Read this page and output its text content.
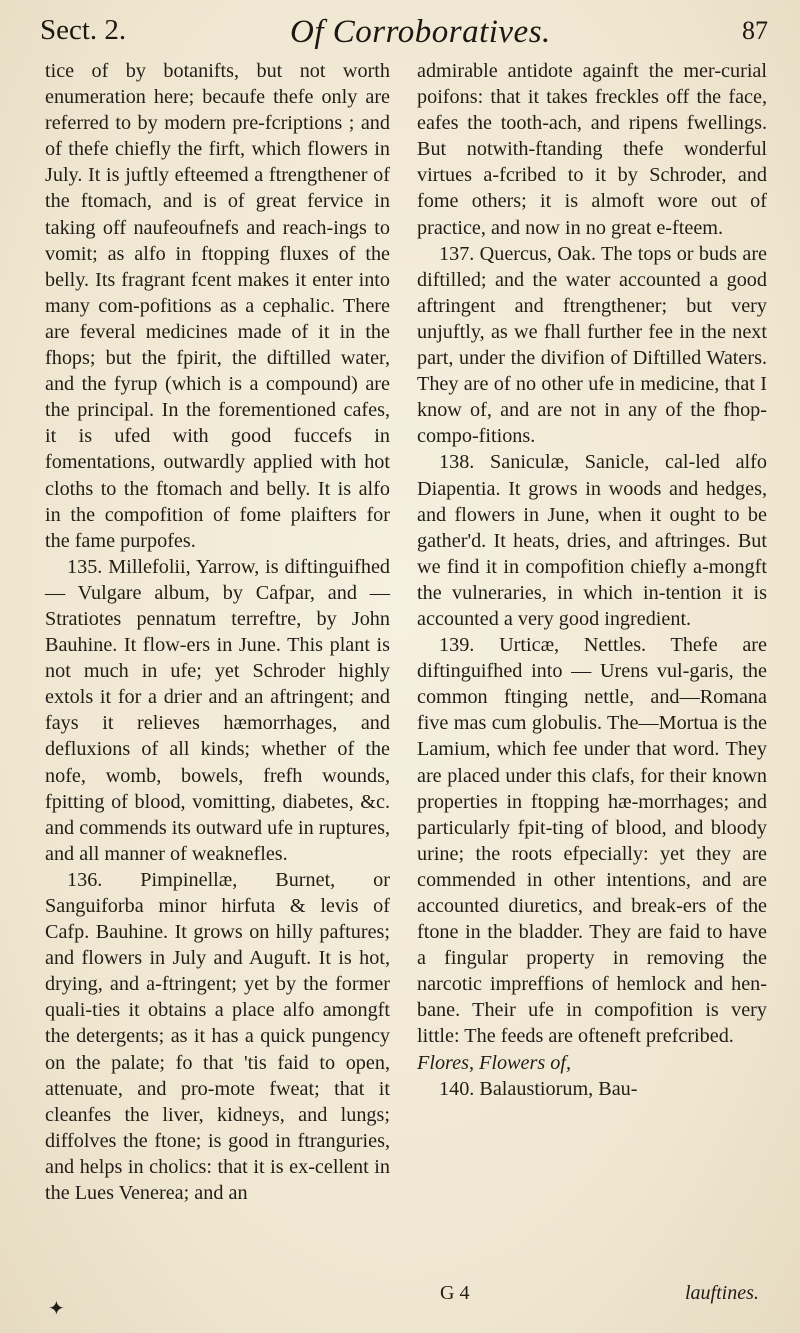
Sect. 2.	Of Corroboratives.	87

tice of by botanifts, but not worth enumeration here; becaufe thefe only are referred to by modern pre-fcriptions ; and of thefe chiefly the firft, which flowers in July. It is juftly efteemed a ftrengthener of the ftomach, and is of great fervice in taking off naufeoufnefs and reach-ings to vomit; as alfo in ftopping fluxes of the belly. Its fragrant fcent makes it enter into many com-pofitions as a cephalic. There are feveral medicines made of it in the fhops; but the fpirit, the diftilled water, and the fyrup (which is a compound) are the principal. In the forementioned cafes, it is ufed with good fuccefs in fomentations, outwardly applied with hot cloths to the ftomach and belly. It is alfo in the compofition of fome plaifters for the fame purpofes.

135. Millefolii, Yarrow, is diftinguifhed — Vulgare album, by Cafpar, and — Stratiotes pennatum terreftre, by John Bauhine. It flow-ers in June. This plant is not much in ufe; yet Schroder highly extols it for a drier and an aftringent; and fays it relieves hæmorrhages, and defluxions of all kinds; whether of the nofe, womb, bowels, frefh wounds, fpitting of blood, vomitting, diabetes, &c. and commends its outward ufe in ruptures, and all manner of weaknefles.

136. Pimpinellæ, Burnet, or Sanguiforba minor hirfuta & levis of Cafp. Bauhine. It grows on hilly paftures; and flowers in July and Auguft. It is hot, drying, and a-ftringent; yet by the former quali-ties it obtains a place alfo amongft the detergents; as it has a quick pungency on the palate; fo that 'tis faid to open, attenuate, and pro-mote fweat; that it cleanfes the liver, kidneys, and lungs; diffolves the ftone; is good in ftranguries, and helps in cholics: that it is ex-cellent in the Lues Venerea; and an

admirable antidote againft the mer-curial poifons: that it takes freckles off the face, eafes the tooth-ach, and ripens fwellings. But notwith-ftanding thefe wonderful virtues a-fcribed to it by Schroder, and fome others; it is almoft wore out of practice, and now in no great e-fteem.

137. Quercus, Oak. The tops or buds are diftilled; and the water accounted a good aftringent and ftrengthener; but very unjuftly, as we fhall further fee in the next part, under the divifion of Diftilled Waters. They are of no other ufe in medicine, that I know of, and are not in any of the fhop-compo-fitions.

138. Saniculæ, Sanicle, cal-led alfo Diapentia. It grows in woods and hedges, and flowers in June, when it ought to be gather'd. It heats, dries, and aftringes. But we find it in compofition chiefly a-mongft the vulneraries, in which in-tention it is accounted a very good ingredient.

139. Urticæ, Nettles. Thefe are diftinguifhed into — Urens vul-garis, the common ftinging nettle, and—Romana five mas cum globulis. The—Mortua is the Lamium, which fee under that word. They are placed under this clafs, for their known properties in ftopping hæ-morrhages; and particularly fpit-ting of blood, and bloody urine; the roots efpecially: yet they are commended in other intentions, and are accounted diuretics, and break-ers of the ftone in the bladder. They are faid to have a fingular property in removing the narcotic impreffions of hemlock and hen-bane. Their ufe in compofition is very little: The feeds are ofteneft prefcribed.

Flores, Flowers of,

140. Balaustiorum, Bau-

✦
G 4	lauftines.
